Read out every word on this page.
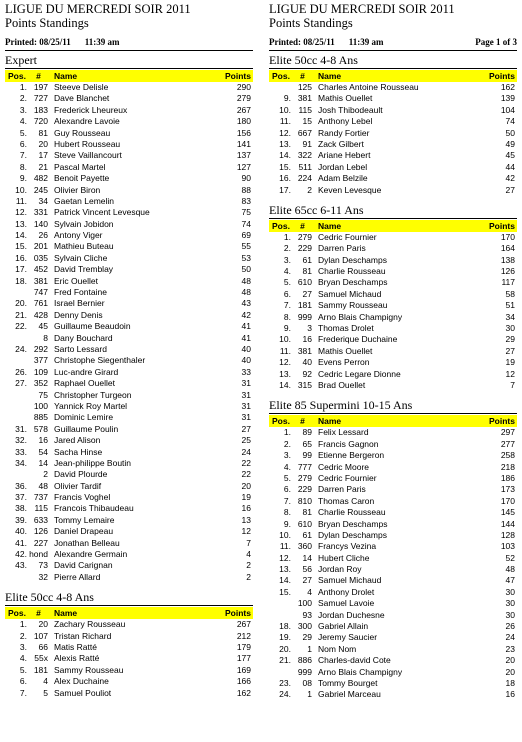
LIGUE DU MERCREDI SOIR 2011
Points Standings
Printed: 08/25/11 11:39 am
Expert
Pos.	#	Name	Points
1. 197 Steeve Delisle	290
2. 727 Dave Blanchet	279
3. 183 Frederick Lheureux	267
4. 720 Alexandre Lavoie	180
5.	81 Guy Rousseau	156
6.	20 Hubert Rousseau	141
7.	17 Steve Vaillancourt	137
8.	21 Pascal Martel	127
9. 482 Benoit Payette	90
10. 245 Olivier Biron	88
11.	34 Gaetan Lemelin	83
12. 331 Patrick Vincent Levesque	75
13. 140 Sylvain Jobidon	74
14.	26 Antony Viger	69
15. 201 Mathieu Buteau	55
16. 035 Sylvain Cliche	53
17. 452 David Tremblay	50
18. 381 Eric Ouellet	48
747 Fred Fontaine	48
20. 761 Israel Bernier	43
21. 428 Denny Denis	42
22.	45 Guillaume Beaudoin	41
8 Dany Bouchard	41
24. 292 Sarto Lessard	40
377 Christophe Siegenthaler	40
26. 109 Luc-andre Girard	33
27. 352 Raphael Ouellet	31
75 Christopher Turgeon	31
100 Yannick Roy Martel	31
885 Dominic Lemire	31
31. 578 Guillaume Poulin	27
32.	16 Jared Alison	25
33.	54 Sacha Hinse	24
34.	14 Jean-philippe Boutin	22
2 David Plourde	22
36.	48 Olivier Tardif	20
37. 737 Francis Voghel	19
38. 115 Francois Thibaudeau	16
39. 633 Tommy Lemaire	13
40. 126 Daniel Drapeau	12
41. 227 Jonathan Belleau	7
42. hond Alexandre Germain	4
43.	73 David Carignan	2
32 Pierre Allard	2
Elite 50cc 4-8 Ans
Pos.	#	Name	Points
1.	20 Zachary Rousseau	267
2. 107 Tristan Richard	212
3.	66 Matis Ratté	179
4. 55x Alexis Ratté	177
5. 181 Sammy Rousseau	169
6.	4 Alex Duchaine	166
7.	5 Samuel Pouliot	162
LIGUE DU MERCREDI SOIR 2011
Points Standings
Printed: 08/25/11 11:39 am	Page 1 of 3
Elite 50cc 4-8 Ans
Pos.	#	Name	Points
125 Charles Antoine Rousseau	162
9. 381 Mathis Ouellet	139
10. 115 Josh Thibodeault	104
11.	15 Anthony Lebel	74
12. 667 Randy Fortier	50
13.	91 Zack Gilbert	49
14. 322 Ariane Hebert	45
15. 511 Jordan Lebel	44
16. 224 Adam Belzile	42
17.	2 Keven Levesque	27
Elite 65cc 6-11 Ans
Pos.	#	Name	Points
1. 279 Cedric Fournier	170
2. 229 Darren Paris	164
3.	61 Dylan Deschamps	138
4.	81 Charlie Rousseau	126
5. 610 Bryan Deschamps	117
6.	27 Samuel Michaud	58
7. 181 Sammy Rousseau	51
8. 999 Arno Blais Champigny	34
9.	3 Thomas Drolet	30
10.	16 Frederique Duchaine	29
11. 381 Mathis Ouellet	27
12.	40 Evens Perron	19
13.	92 Cedric Legare Dionne	12
14. 315 Brad Ouellet	7
Elite 85 Supermini 10-15 Ans
Pos.	#	Name	Points
1.	89 Felix Lessard	297
2.	65 Francis Gagnon	277
3.	99 Etienne Bergeron	258
4. 777 Cedric Moore	218
5. 279 Cedric Fournier	186
6. 229 Darren Paris	173
7. 810 Thomas Caron	170
8.	81 Charlie Rousseau	145
9. 610 Bryan Deschamps	144
10.	61 Dylan Deschamps	128
11. 360 Francys Vezina	103
12.	14 Hubert Cliche	52
13.	56 Jordan Roy	48
14.	27 Samuel Michaud	47
15.	4 Anthony Drolet	30
100 Samuel Lavoie	30
93 Jordan Duchesne	30
18. 300 Gabriel Allain	26
19.	29 Jeremy Saucier	24
20.	1 Nom Nom	23
21. 886 Charles-david Cote	20
999 Arno Blais Champigny	20
23.	08 Tommy Bourget	18
24.	1 Gabriel Marceau	16
